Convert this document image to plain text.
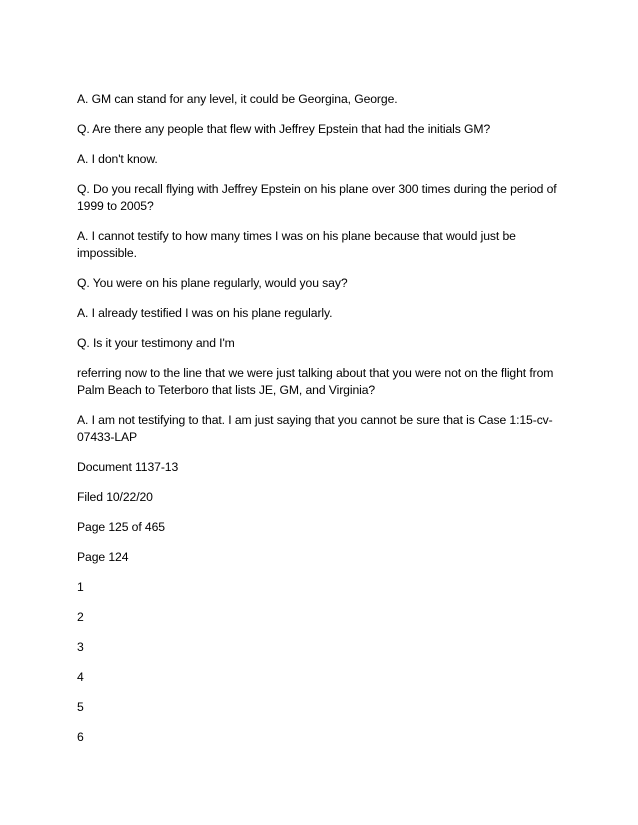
A. GM can stand for any level, it could be Georgina, George.

Q. Are there any people that flew with Jeffrey Epstein that had the initials GM?

A. I don't know.

Q. Do you recall flying with Jeffrey Epstein on his plane over 300 times during the period of 1999 to 2005?

A. I cannot testify to how many times I was on his plane because that would just be impossible.

Q. You were on his plane regularly, would you say?

A. I already testified I was on his plane regularly.

Q. Is it your testimony and I'm

referring now to the line that we were just talking about that you were not on the flight from Palm Beach to Teterboro that lists JE, GM, and Virginia?

A. I am not testifying to that. I am just saying that you cannot be sure that is Case 1:15-cv-07433-LAP

Document 1137-13

Filed 10/22/20

Page 125 of 465

Page 124

1

2

3

4

5

6
